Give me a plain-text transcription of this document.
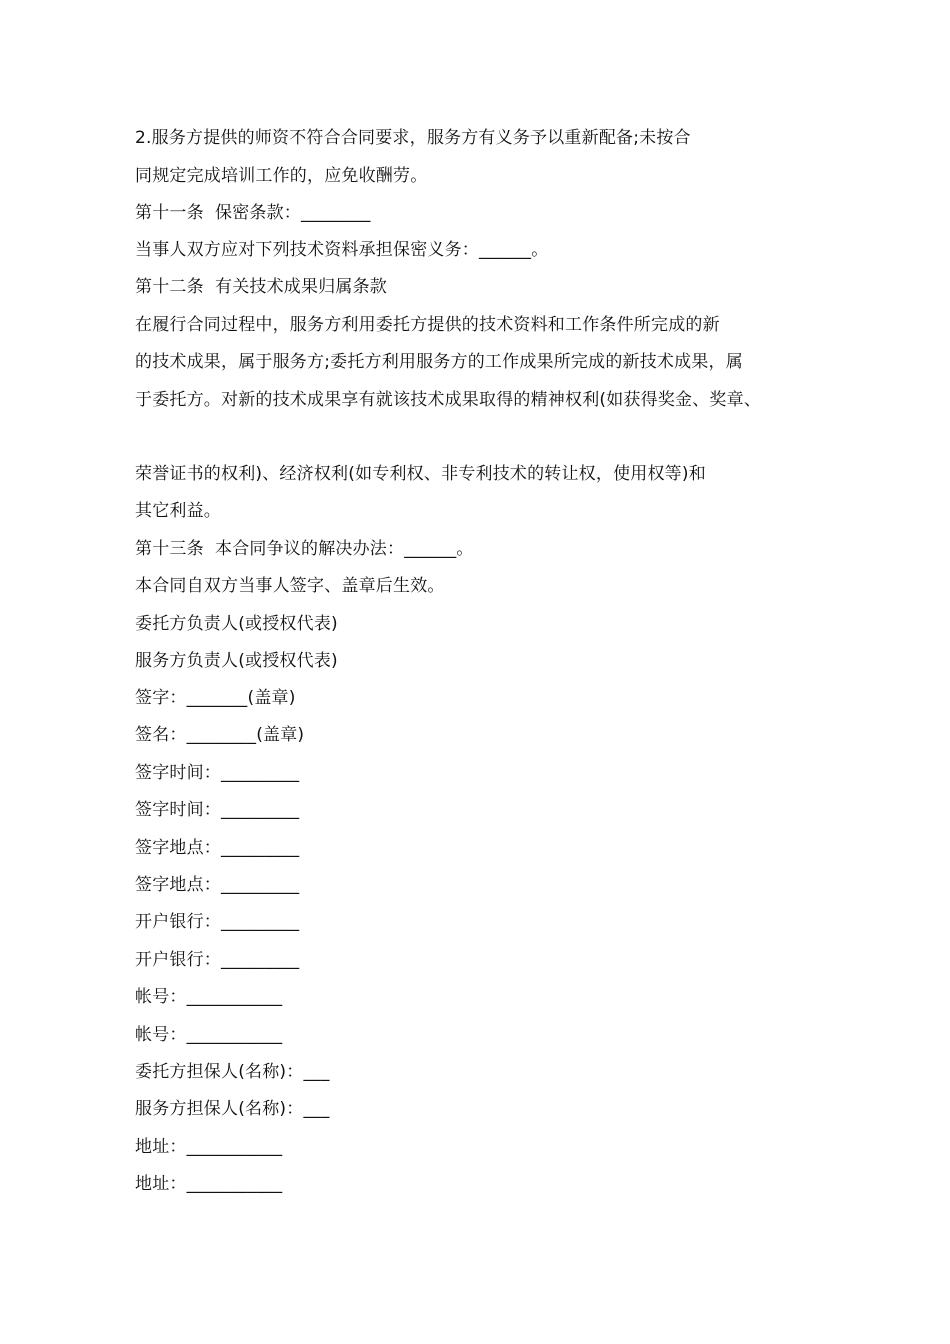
2.服务方提供的师资不符合合同要求，服务方有义务予以重新配备;未按合
同规定完成培训工作的，应免收酬劳。
第十一条  保密条款：________
当事人双方应对下列技术资料承担保密义务：______。
第十二条  有关技术成果归属条款
在履行合同过程中，服务方利用委托方提供的技术资料和工作条件所完成的新
的技术成果，属于服务方;委托方利用服务方的工作成果所完成的新技术成果，属
于委托方。对新的技术成果享有就该技术成果取得的精神权利(如获得奖金、奖章、
荣誉证书的权利)、经济权利(如专利权、非专利技术的转让权，使用权等)和
其它利益。
第十三条  本合同争议的解决办法：______。
本合同自双方当事人签字、盖章后生效。
委托方负责人(或授权代表)
服务方负责人(或授权代表)
签字：_______(盖章)
签名：________(盖章)
签字时间：_________
签字时间：_________
签字地点：_________
签字地点：_________
开户银行：_________
开户银行：_________
帐号：___________
帐号：___________
委托方担保人(名称)：___
服务方担保人(名称)：___
地址：___________
地址：___________
